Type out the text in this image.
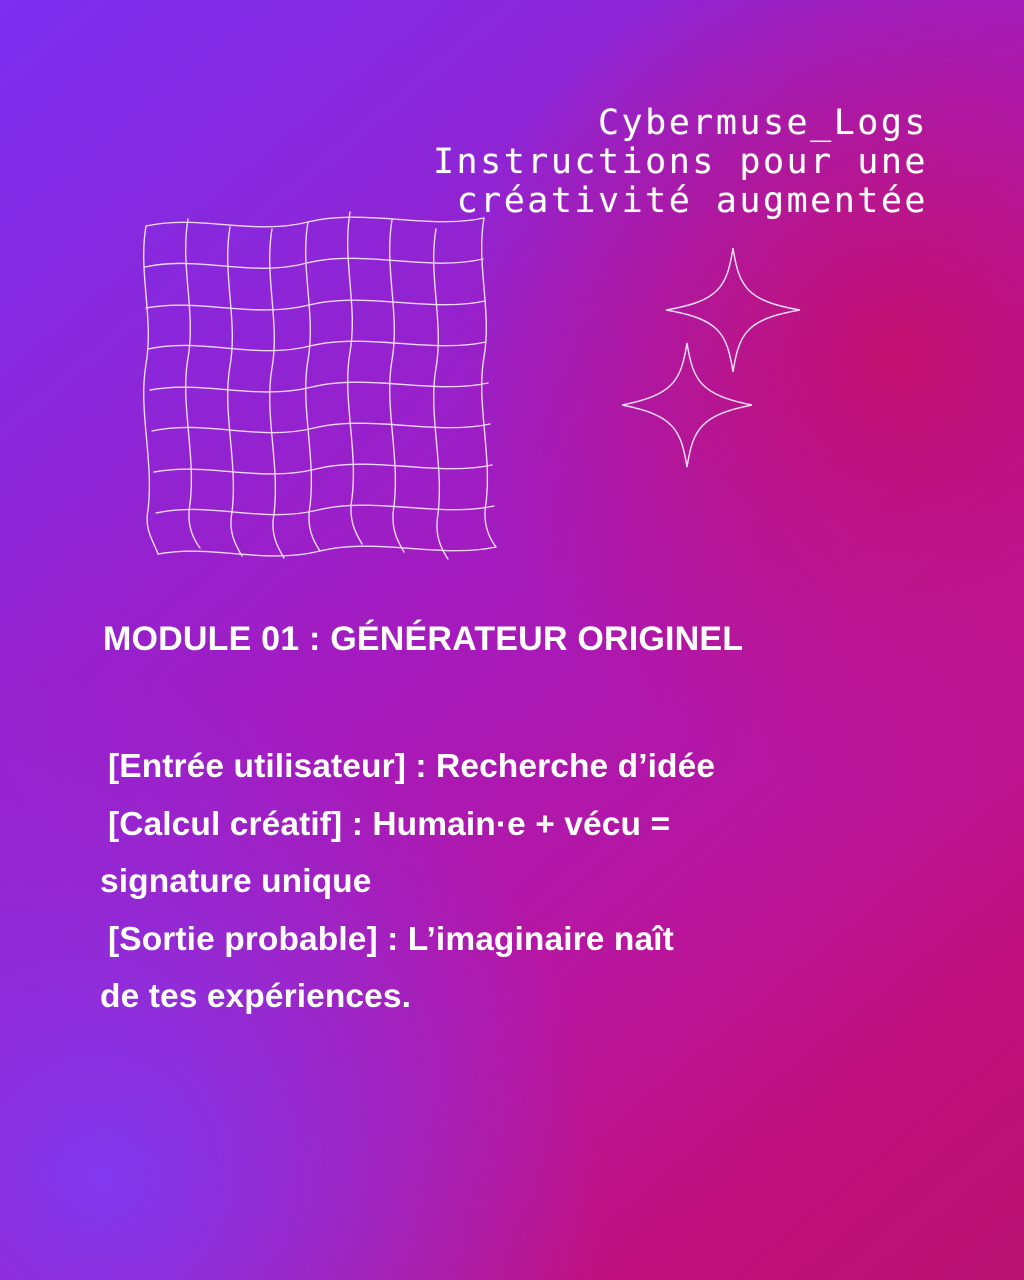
Cybermuse_Logs
Instructions pour une
créativité augmentée
MODULE 01 : GÉNÉRATEUR ORIGINEL

[Entrée utilisateur] : Recherche d’idée

[Calcul créatif] : Humain·e + vécu =

signature unique

[Sortie probable] : L’imaginaire naît

de tes expériences.
